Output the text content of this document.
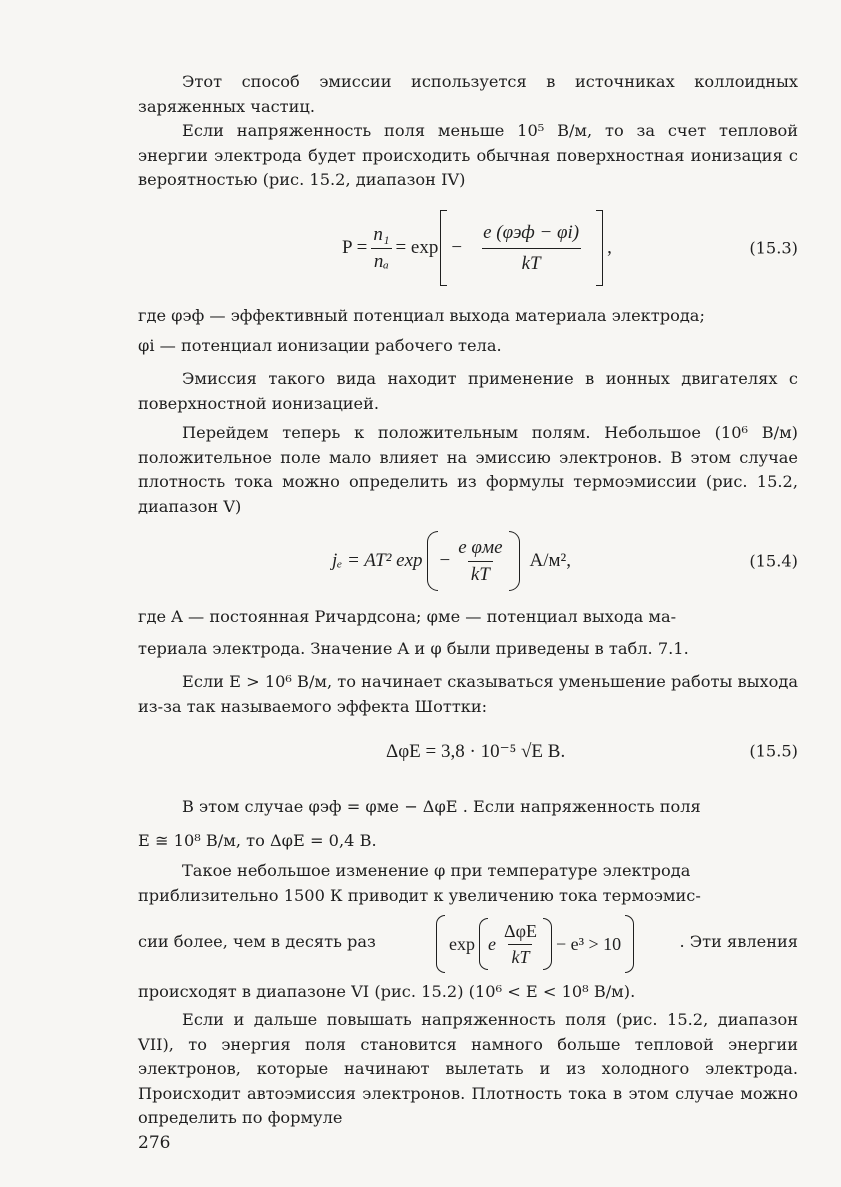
Этот способ эмиссии используется в источниках коллоидных заряженных частиц.

Если напряженность поля меньше 10⁵ В/м, то за счет тепловой энергии электрода будет происходить обычная поверхностная ионизация с вероятностью (рис. 15.2, диапазон IV)

$P = \frac{\text{n₁}}{\text{nₐ}} = \exp - \frac{\text{e (φэф − φi)}}{kT}$ ,	(15.3)

где φэф — эффективный потенциал выхода материала электрода;
φi — потенциал ионизации рабочего тела.

Эмиссия такого вида находит применение в ионных двигателях с поверхностной ионизацией.

Перейдем теперь к положительным полям. Небольшое (10⁶ В/м) положительное поле мало влияет на эмиссию электронов. В этом случае плотность тока можно определить из формулы термоэмиссии (рис. 15.2, диапазон V)

jₑ = AT² $\exp - \frac{\text{e φме}}{kT} А/м^2$,	(15.4)

где A — постоянная Ричардсона; φме — потенциал выхода ма-
териала электрода. Значение A и φ были приведены в табл. 7.1.

Если E > 10⁶ В/м, то начинает сказываться уменьшение работы выхода из-за так называемого эффекта Шоттки:

ΔφE = 3,8 · 10⁻⁵ √E В.	(15.5)

В этом случае φэф = φме − ΔφE . Если напряженность поля
E ≅ 10⁸ В/м, то ΔφE = 0,4 В.

Такое небольшое изменение φ при температуре электрода
приблизительно 1500 К приводит к увеличению тока термоэмис-

сии более, чем в десять раз	exp e $\frac{\text{ΔφE}}{kT} - e^3 > 10$	. Эти явления

происходят в диапазоне VI (рис. 15.2) (10⁶ < E < 10⁸ В/м).

Если и дальше повышать напряженность поля (рис. 15.2, диапазон VII), то энергия поля становится намного больше тепловой энергии электронов, которые начинают вылетать и из холодного электрода. Происходит автоэмиссия электронов. Плотность тока в этом случае можно определить по формуле

276
